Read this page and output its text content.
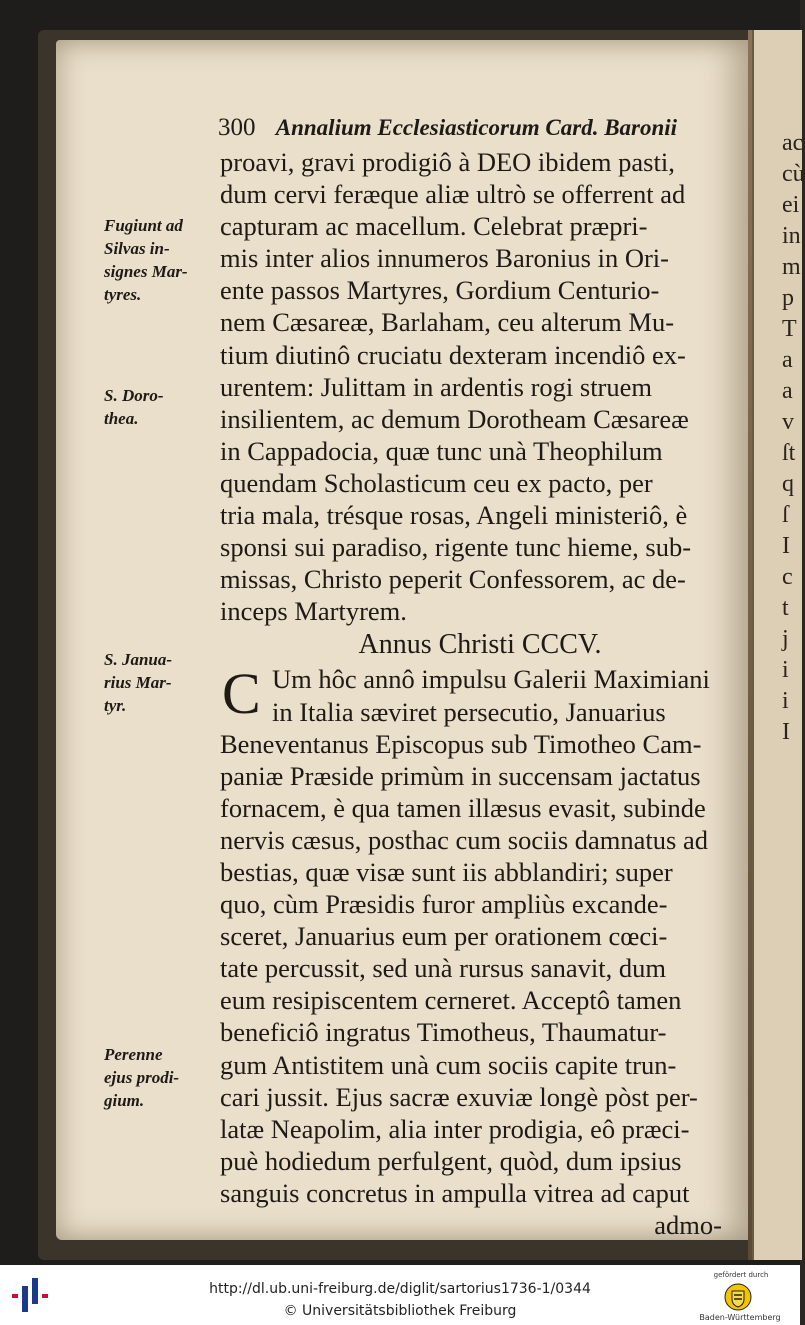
ac
cù
ei
in
m
p
T
a
a
v
ſt
q
ſ
I
c
t
j
i
i
I
300 Annalium Ecclesiasticorum Card. Baronii
proavi, gravi prodigiô à DEO ibidem pasti,
dum cervi feræque aliæ ultrò se offerrent ad
capturam ac macellum. Celebrat præpri-
mis inter alios innumeros Baronius in Ori-
ente passos Martyres, Gordium Centurio-
nem Cæsareæ, Barlaham, ceu alterum Mu-
tium diutinô cruciatu dexteram incendiô ex-
urentem: Julittam in ardentis rogi struem
insilientem, ac demum Dorotheam Cæsareæ
in Cappadocia, quæ tunc unà Theophilum
quendam Scholasticum ceu ex pacto, per
tria mala, trésque rosas, Angeli ministeriô, è
sponsi sui paradiso, rigente tunc hieme, sub-
missas, Christo peperit Confessorem, ac de-
inceps Martyrem.
Annus Christi CCCV.
C Um hôc annô impulsu Galerii Maximiani
in Italia sæviret persecutio, Januarius
Beneventanus Episcopus sub Timotheo Cam-
paniæ Præside primùm in succensam jactatus
fornacem, è qua tamen illæsus evasit, subinde
nervis cæsus, posthac cum sociis damnatus ad
bestias, quæ visæ sunt iis abblandiri; super
quo, cùm Præsidis furor ampliùs excande-
sceret, Januarius eum per orationem cœci-
tate percussit, sed unà rursus sanavit, dum
eum resipiscentem cerneret. Acceptô tamen
beneficiô ingratus Timotheus, Thaumatur-
gum Antistitem unà cum sociis capite trun-
cari jussit. Ejus sacræ exuviæ longè pòst per-
latæ Neapolim, alia inter prodigia, eô præci-
puè hodiedum perfulgent, quòd, dum ipsius
sanguis concretus in ampulla vitrea ad caput
admo-
Fugiunt ad
Silvas in-
signes Mar-
tyres.
S. Doro-
thea.
S. Janua-
rius Mar-
tyr.
Perenne
ejus prodi-
gium.
http://dl.ub.uni-freiburg.de/diglit/sartorius1736-1/0344
© Universitätsbibliothek Freiburg
gefördert durch
Baden-Württemberg
